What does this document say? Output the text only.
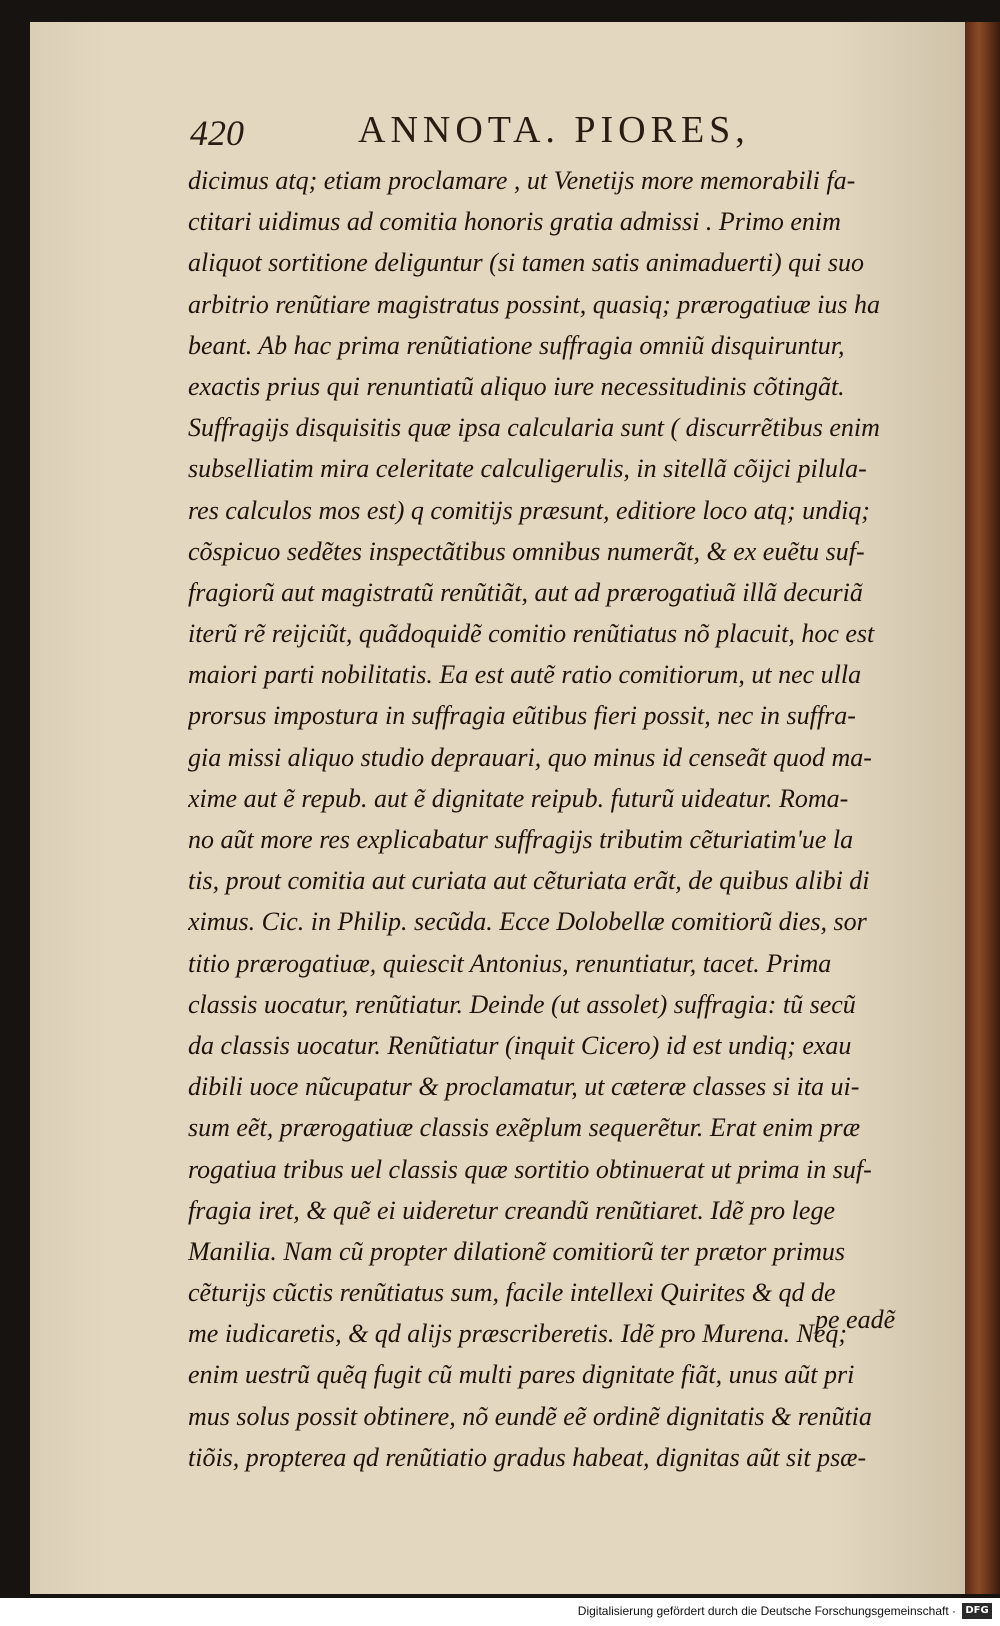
420	ANNOTA. PIORES,
dicimus atq; etiam proclamare , ut Venetijs more memorabili fa-
ctitari uidimus ad comitia honoris gratia admissi . Primo enim
aliquot sortitione deliguntur (si tamen satis animaduerti) qui suo
arbitrio renũtiare magistratus possint, quasiq; prærogatiuæ ius ha
beant. Ab hac prima renũtiatione suffragia omniũ disquiruntur,
exactis prius qui renuntiatũ aliquo iure necessitudinis cõtingãt.
Suffragijs disquisitis quæ ipsa calcularia sunt ( discurrẽtibus enim
subselliatim mira celeritate calculigerulis, in sitellã cõijci pilula-
res calculos mos est) q comitijs præsunt, editiore loco atq; undiq;
cõspicuo sedẽtes inspectãtibus omnibus numerãt, & ex euẽtu suf-
fragiorũ aut magistratũ renũtiãt, aut ad prærogatiuã illã decuriã
iterũ rẽ reijciũt, quãdoquidẽ comitio renũtiatus nõ placuit, hoc est
maiori parti nobilitatis. Ea est autẽ ratio comitiorum, ut nec ulla
prorsus impostura in suffragia eũtibus fieri possit, nec in suffra-
gia missi aliquo studio deprauari, quo minus id censeãt quod ma-
xime aut ẽ repub. aut ẽ dignitate reipub. futurũ uideatur. Roma-
no aũt more res explicabatur suffragijs tributim cẽturiatim'ue la
tis, prout comitia aut curiata aut cẽturiata erãt, de quibus alibi di
ximus. Cic. in Philip. secũda. Ecce Dolobellæ comitiorũ dies, sor
titio prærogatiuæ, quiescit Antonius, renuntiatur, tacet. Prima
classis uocatur, renũtiatur. Deinde (ut assolet) suffragia: tũ secũ
da classis uocatur. Renũtiatur (inquit Cicero) id est undiq; exau
dibili uoce nũcupatur & proclamatur, ut cæteræ classes si ita ui-
sum eẽt, prærogatiuæ classis exẽplum sequerẽtur. Erat enim præ
rogatiua tribus uel classis quæ sortitio obtinuerat ut prima in suf-
fragia iret, & quẽ ei uideretur creandũ renũtiaret. Idẽ pro lege
Manilia. Nam cũ propter dilationẽ comitiorũ ter prætor primus
cẽturijs cũctis renũtiatus sum, facile intellexi Quirites & qd de
me iudicaretis, & qd alijs præscriberetis. Idẽ pro Murena. Neq;
enim uestrũ quẽq fugit cũ multi pares dignitate fiãt, unus aũt pri
mus solus possit obtinere, nõ eundẽ eẽ ordinẽ dignitatis & renũtia
tiõis, propterea qd renũtiatio gradus habeat, dignitas aũt sit psæ-
pe eadẽ
Digitalisierung gefördert durch die Deutsche Forschungsgemeinschaft · DFG
